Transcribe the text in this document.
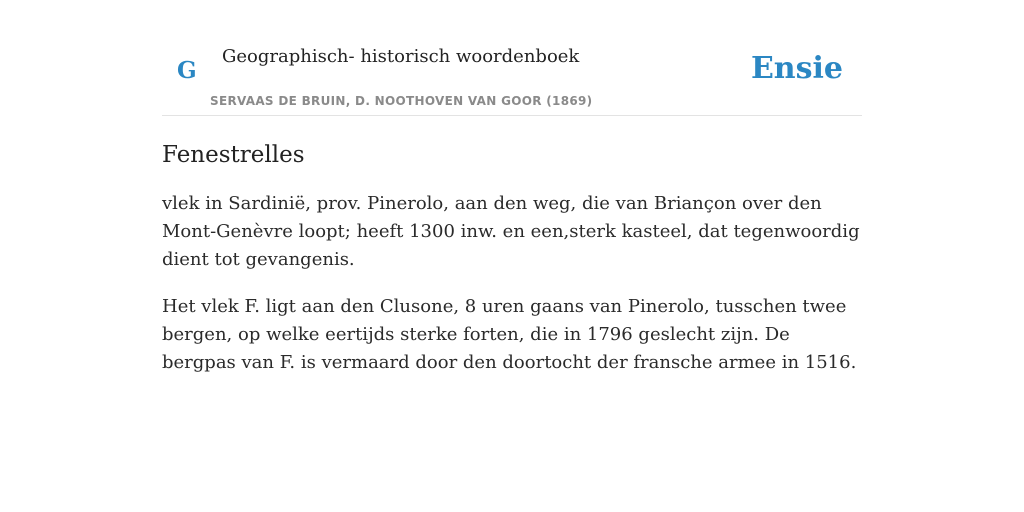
G
Geographisch- historisch woordenboek
SERVAAS DE BRUIN, D. NOOTHOVEN VAN GOOR (1869)
Ensie
Fenestrelles

vlek in Sardinië, prov. Pinerolo, aan den weg, die van Briançon over den Mont-Genèvre loopt; heeft 1300 inw. en een,sterk kasteel, dat tegenwoordig dient tot gevangenis.

Het vlek F. ligt aan den Clusone, 8 uren gaans van Pinerolo, tusschen twee bergen, op welke eertijds sterke forten, die in 1796 geslecht zijn. De bergpas van F. is vermaard door den doortocht der fransche armee in 1516.
